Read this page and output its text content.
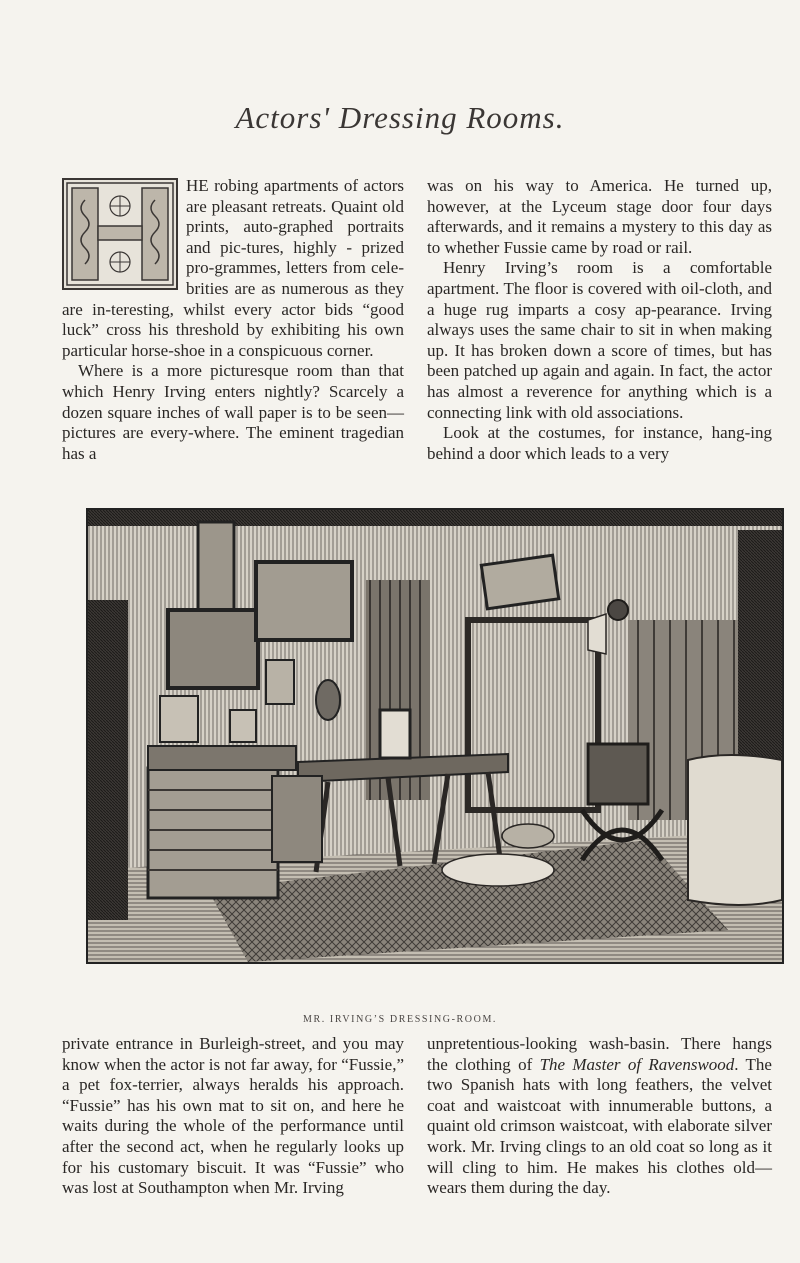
Actors' Dressing Rooms.

HE robing apartments of actors are pleasant retreats. Quaint old prints, auto-graphed portraits and pic-tures, highly - prized pro-grammes, letters from cele-brities are as numerous as they are in-teresting, whilst every actor bids “good luck” cross his threshold by exhibiting his own particular horse-shoe in a conspicuous corner.

Where is a more picturesque room than that which Henry Irving enters nightly? Scarcely a dozen square inches of wall paper is to be seen—pictures are every-where. The eminent tragedian has a

was on his way to America. He turned up, however, at the Lyceum stage door four days afterwards, and it remains a mystery to this day as to whether Fussie came by road or rail.

Henry Irving’s room is a comfortable apartment. The floor is covered with oil-cloth, and a huge rug imparts a cosy ap-pearance. Irving always uses the same chair to sit in when making up. It has broken down a score of times, but has been patched up again and again. In fact, the actor has almost a reverence for anything which is a connecting link with old associations.

Look at the costumes, for instance, hang-ing behind a door which leads to a very

MR. IRVING’S DRESSING-ROOM.

private entrance in Burleigh-street, and you may know when the actor is not far away, for “Fussie,” a pet fox-terrier, always heralds his approach. “Fussie” has his own mat to sit on, and here he waits during the whole of the performance until after the second act, when he regularly looks up for his customary biscuit. It was “Fussie” who was lost at Southampton when Mr. Irving

unpretentious-looking wash-basin. There hangs the clothing of The Master of Ravenswood. The two Spanish hats with long feathers, the velvet coat and waistcoat with innumerable buttons, a quaint old crimson waistcoat, with elaborate silver work. Mr. Irving clings to an old coat so long as it will cling to him. He makes his clothes old—wears them during the day.
